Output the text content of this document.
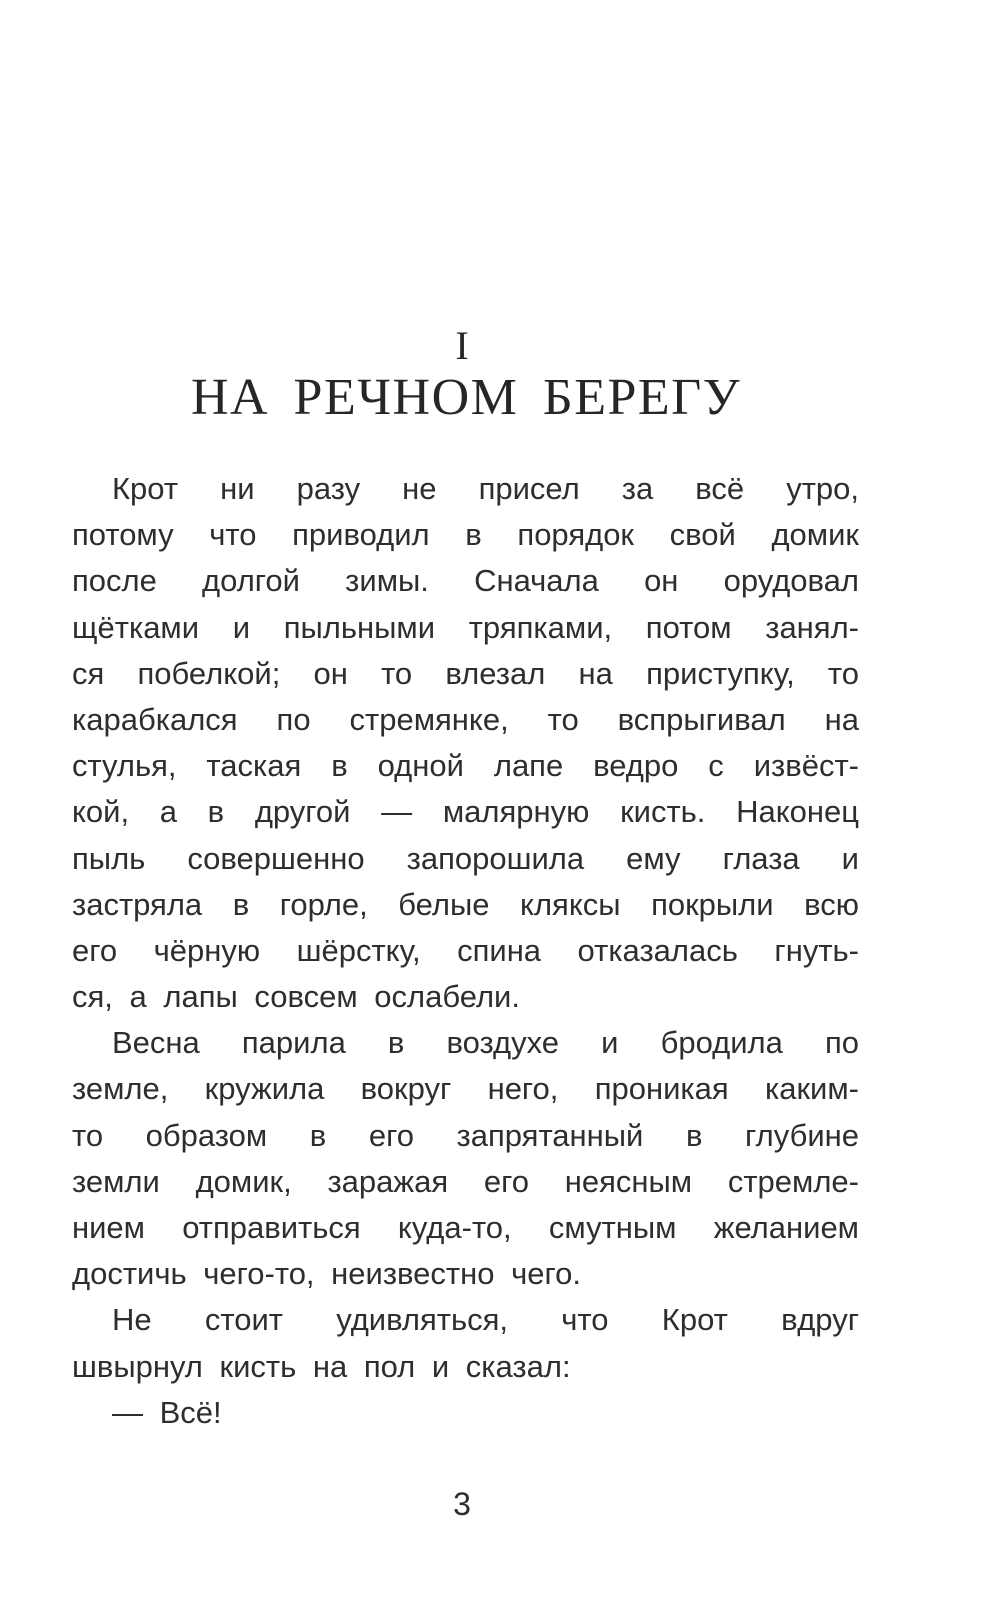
I
НА РЕЧНОМ БЕРЕГУ
Крот ни разу не присел за всё утро,
потому что приводил в порядок свой домик
после долгой зимы. Сначала он орудовал
щётками и пыльными тряпками, потом занял-
ся побелкой; он то влезал на приступку, то
карабкался по стремянке, то вспрыгивал на
стулья, таская в одной лапе ведро с извёст-
кой, а в другой — малярную кисть. Наконец
пыль совершенно запорошила ему глаза и
застряла в горле, белые кляксы покрыли всю
его чёрную шёрстку, спина отказалась гнуть-
ся, а лапы совсем ослабели.
Весна парила в воздухе и бродила по
земле, кружила вокруг него, проникая каким-
то образом в его запрятанный в глубине
земли домик, заражая его неясным стремле-
нием отправиться куда-то, смутным желанием
достичь чего-то, неизвестно чего.
Не стоит удивляться, что Крот вдруг
швырнул кисть на пол и сказал:
— Всё!
3
